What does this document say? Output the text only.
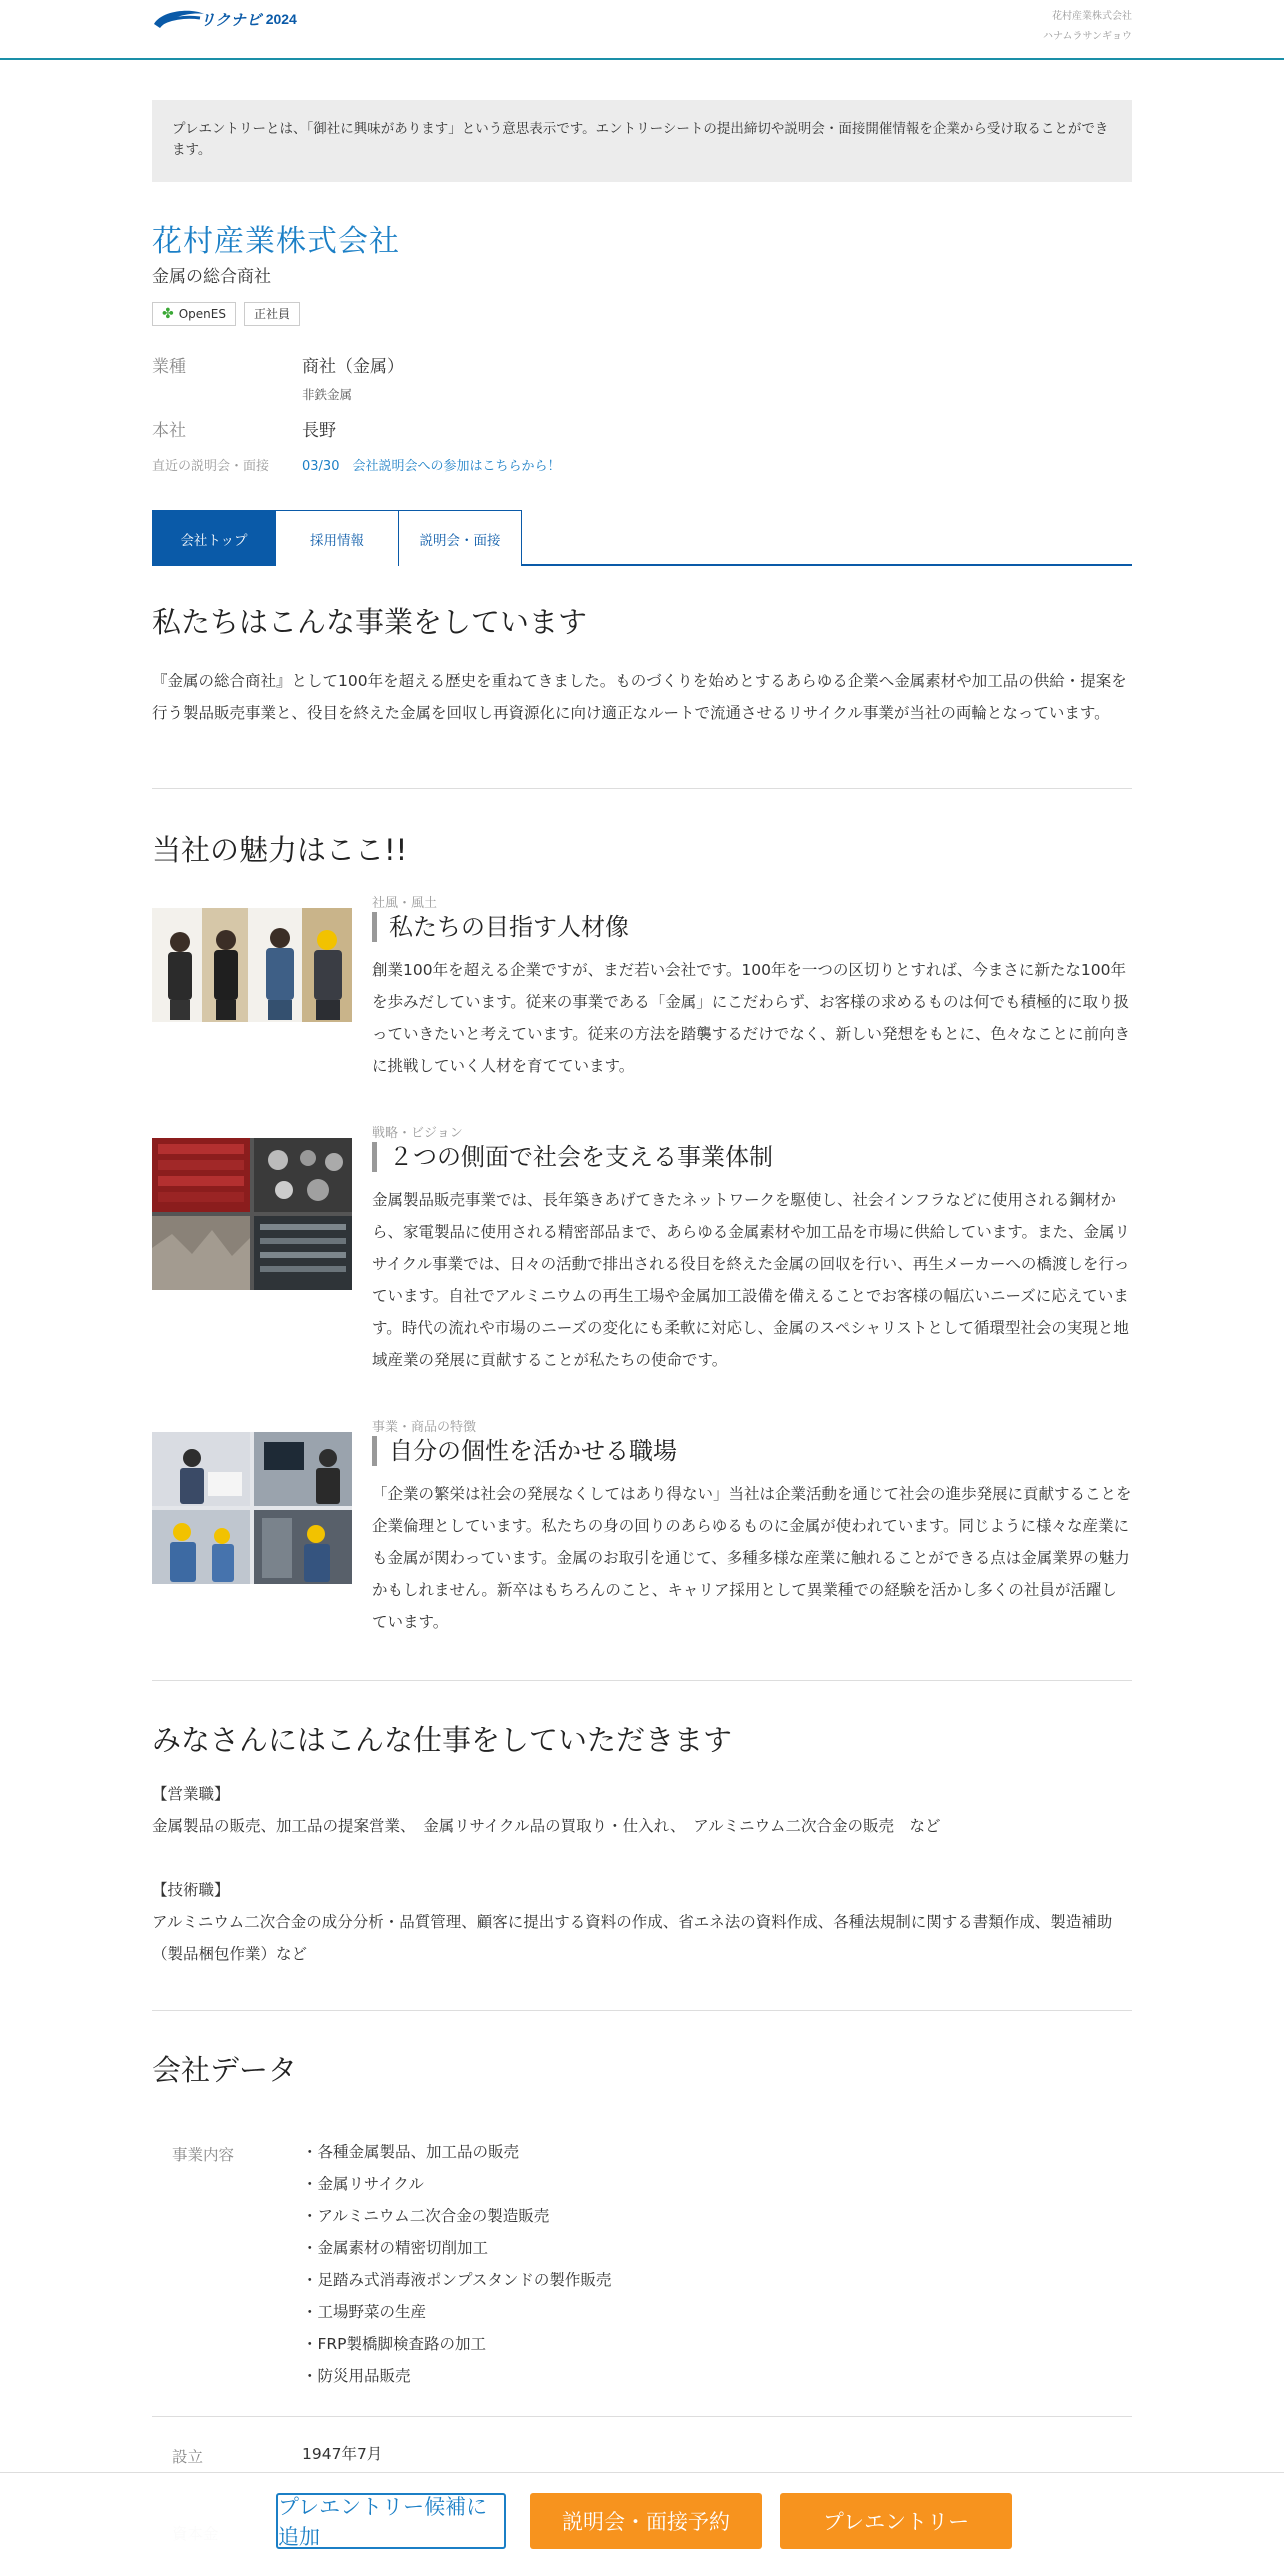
リクナビ 2024	花村産業株式会社
ハナムラサンギョウ
プレエントリーとは、「御社に興味があります」という意思表示です。エントリーシートの提出締切や説明会・面接開催情報を企業から受け取ることができます。
花村産業株式会社
金属の総合商社
✤ OpenES 正社員
業種	商社（金属）
非鉄金属
本社	長野
直近の説明会・面接	03/30　会社説明会への参加はこちらから！
会社トップ	採用情報	説明会・面接
私たちはこんな事業をしています
『金属の総合商社』として100年を超える歴史を重ねてきました。ものづくりを始めとするあらゆる企業へ金属素材や加工品の供給・提案を行う製品販売事業と、役目を終えた金属を回収し再資源化に向け適正なルートで流通させるリサイクル事業が当社の両輪となっています。
当社の魅力はここ!!
社風・風土
私たちの目指す人材像
創業100年を超える企業ですが、まだ若い会社です。100年を一つの区切りとすれば、今まさに新たな100年を歩みだしています。従来の事業である「金属」にこだわらず、お客様の求めるものは何でも積極的に取り扱っていきたいと考えています。従来の方法を踏襲するだけでなく、新しい発想をもとに、色々なことに前向きに挑戦していく人材を育てています。
戦略・ビジョン
２つの側面で社会を支える事業体制
金属製品販売事業では、長年築きあげてきたネットワークを駆使し、社会インフラなどに使用される鋼材から、家電製品に使用される精密部品まで、あらゆる金属素材や加工品を市場に供給しています。また、金属リサイクル事業では、日々の活動で排出される役目を終えた金属の回収を行い、再生メーカーへの橋渡しを行っています。自社でアルミニウムの再生工場や金属加工設備を備えることでお客様の幅広いニーズに応えています。時代の流れや市場のニーズの変化にも柔軟に対応し、金属のスペシャリストとして循環型社会の実現と地域産業の発展に貢献することが私たちの使命です。
事業・商品の特徴
自分の個性を活かせる職場
「企業の繁栄は社会の発展なくしてはあり得ない」当社は企業活動を通じて社会の進歩発展に貢献することを企業倫理としています。私たちの身の回りのあらゆるものに金属が使われています。同じように様々な産業にも金属が関わっています。金属のお取引を通じて、多種多様な産業に触れることができる点は金属業界の魅力かもしれません。新卒はもちろんのこと、キャリア採用として異業種での経験を活かし多くの社員が活躍しています。
みなさんにはこんな仕事をしていただきます
【営業職】
金属製品の販売、加工品の提案営業、　金属リサイクル品の買取り・仕入れ、　アルミニウム二次合金の販売　など
【技術職】
アルミニウム二次合金の成分分析・品質管理、顧客に提出する資料の作成、省エネ法の資料作成、各種法規制に関する書類作成、製造補助（製品梱包作業）など
会社データ
事業内容	・各種金属製品、加工品の販売
・金属リサイクル
・アルミニウム二次合金の製造販売
・金属素材の精密切削加工
・足踏み式消毒液ポンプスタンドの製作販売
・工場野菜の生産
・FRP製橋脚検査路の加工
・防災用品販売
設立	1947年7月
プレエントリー候補に追加
説明会・面接予約	プレエントリー
